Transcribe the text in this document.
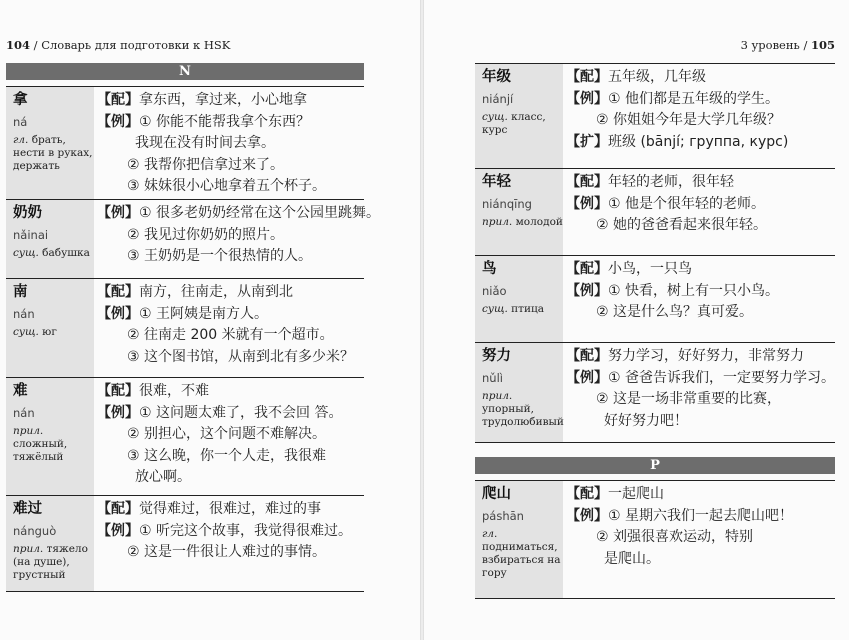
104 / Словарь для подготовки к HSK	3 уровень / 105
N
拿
ná
гл. брать, нести в руках, держать
【配】拿东西，拿过来，小心地拿
【例】① 你能不能帮我拿个东西？
我现在没有时间去拿。
② 我帮你把信拿过来了。
③ 妹妹很小心地拿着五个杯子。
奶奶
nǎinai
сущ. бабушка
【例】① 很多老奶奶经常在这个公园里跳舞。
② 我见过你奶奶的照片。
③ 王奶奶是一个很热情的人。
南
nán
сущ. юг
【配】南方，往南走，从南到北
【例】① 王阿姨是南方人。
② 往南走 200 米就有一个超市。
③ 这个图书馆，从南到北有多少米？
难
nán
прил. сложный, тяжёлый
【配】很难，不难
【例】① 这问题太难了，我不会回 答。
② 别担心，这个问题不难解决。
③ 这么晚，你一个人走，我很难
放心啊。
难过
nánguò
прил. тяжело (на душе), грустный
【配】觉得难过，很难过，难过的事
【例】① 听完这个故事，我觉得很难过。
② 这是一件很让人难过的事情。
年级
niánjí
сущ. класс, курс
【配】五年级，几年级
【例】① 他们都是五年级的学生。
② 你姐姐今年是大学几年级？
【扩】班级 (bānjí; группа, курс)
年轻
niánqīng
прил. молодой
【配】年轻的老师，很年轻
【例】① 他是个很年轻的老师。
② 她的爸爸看起来很年轻。
鸟
niǎo
сущ. птица
【配】小鸟，一只鸟
【例】① 快看，树上有一只小鸟。
② 这是什么鸟？真可爱。
努力
nǔlì
прил. упорный, трудолюбивый
【配】努力学习，好好努力，非常努力
【例】① 爸爸告诉我们，一定要努力学习。
② 这是一场非常重要的比赛，
好好努力吧！
P
爬山
páshān
гл. подниматься, взбираться на гору
【配】一起爬山
【例】① 星期六我们一起去爬山吧！
② 刘强很喜欢运动，特别
是爬山。
